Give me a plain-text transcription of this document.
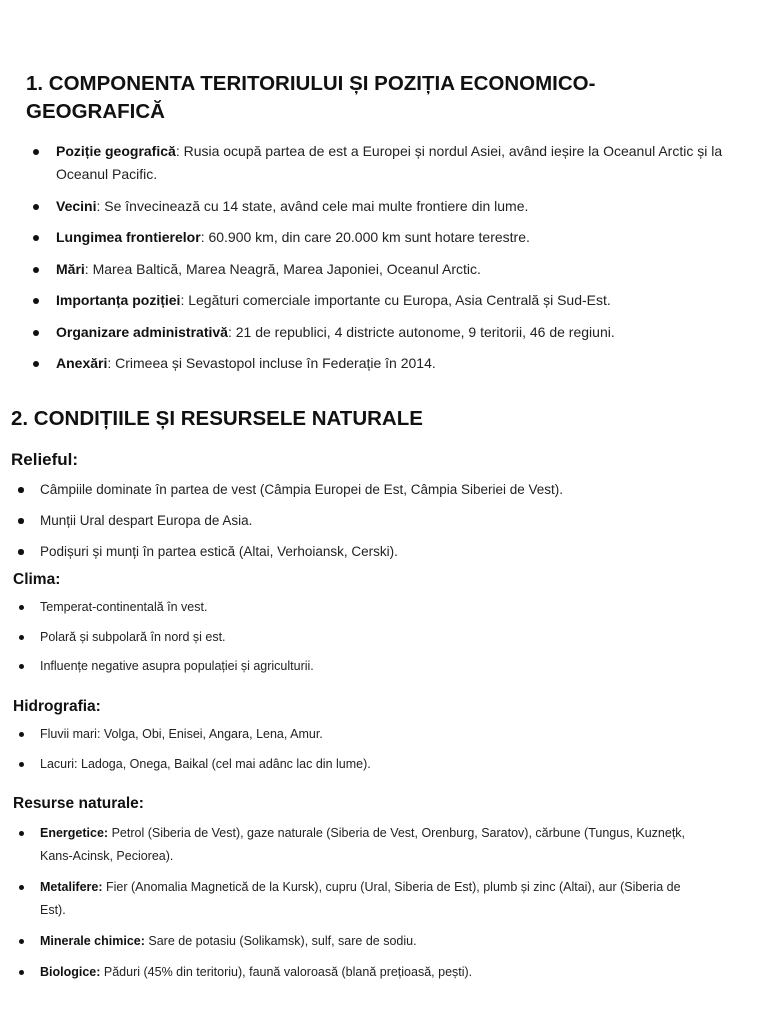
1. COMPONENTA TERITORIULUI ȘI POZIȚIA ECONOMICO-GEOGRAFICĂ
Poziție geografică: Rusia ocupă partea de est a Europei și nordul Asiei, având ieșire la Oceanul Arctic și la Oceanul Pacific.
Vecini: Se învecinează cu 14 state, având cele mai multe frontiere din lume.
Lungimea frontierelor: 60.900 km, din care 20.000 km sunt hotare terestre.
Mări: Marea Baltică, Marea Neagră, Marea Japoniei, Oceanul Arctic.
Importanța poziției: Legături comerciale importante cu Europa, Asia Centrală și Sud-Est.
Organizare administrativă: 21 de republici, 4 districte autonome, 9 teritorii, 46 de regiuni.
Anexări: Crimeea și Sevastopol incluse în Federație în 2014.
2. CONDIȚIILE ȘI RESURSELE NATURALE
Relieful:
Câmpiile dominate în partea de vest (Câmpia Europei de Est, Câmpia Siberiei de Vest).
Munții Ural despart Europa de Asia.
Podișuri și munți în partea estică (Altai, Verhoiansk, Cerski).
Clima:
Temperat-continentală în vest.
Polară și subpolară în nord și est.
Influențe negative asupra populației și agriculturii.
Hidrografia:
Fluvii mari: Volga, Obi, Enisei, Angara, Lena, Amur.
Lacuri: Ladoga, Onega, Baikal (cel mai adânc lac din lume).
Resurse naturale:
Energetice: Petrol (Siberia de Vest), gaze naturale (Siberia de Vest, Orenburg, Saratov), cărbune (Tungus, Kuznețk, Kans-Acinsk, Peciorea).
Metalifere: Fier (Anomalia Magnetică de la Kursk), cupru (Ural, Siberia de Est), plumb și zinc (Altai), aur (Siberia de Est).
Minerale chimice: Sare de potasiu (Solikamsk), sulf, sare de sodiu.
Biologice: Păduri (45% din teritoriu), faună valoroasă (blană prețioasă, pești).
